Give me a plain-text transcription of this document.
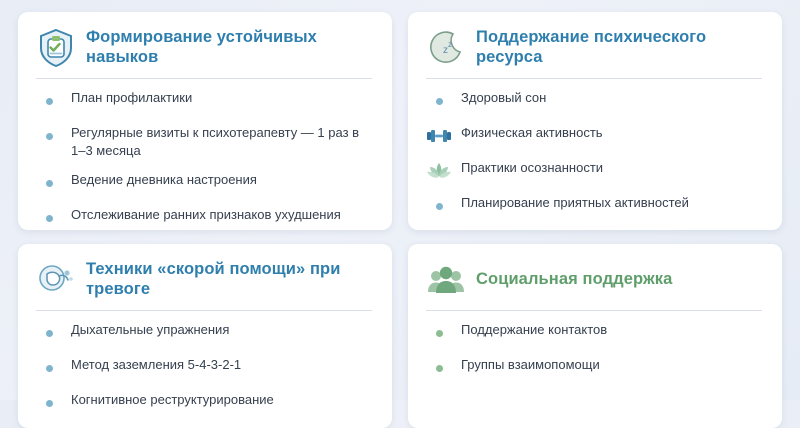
Формирование устойчивых навыков
План профилактики
Регулярные визиты к психотерапевту — 1 раз в 1–3 месяца
Ведение дневника настроения
Отслеживание ранних признаков ухудшения
z
z Поддержание психического ресурса
Здоровый сон
Физическая активность
Практики осознанности
Планирование приятных активностей
Техники «скорой помощи» при тревоге
Дыхательные упражнения
Метод заземления 5-4-3-2-1
Когнитивное реструктурирование
Социальная поддержка
Поддержание контактов
Группы взаимопомощи
